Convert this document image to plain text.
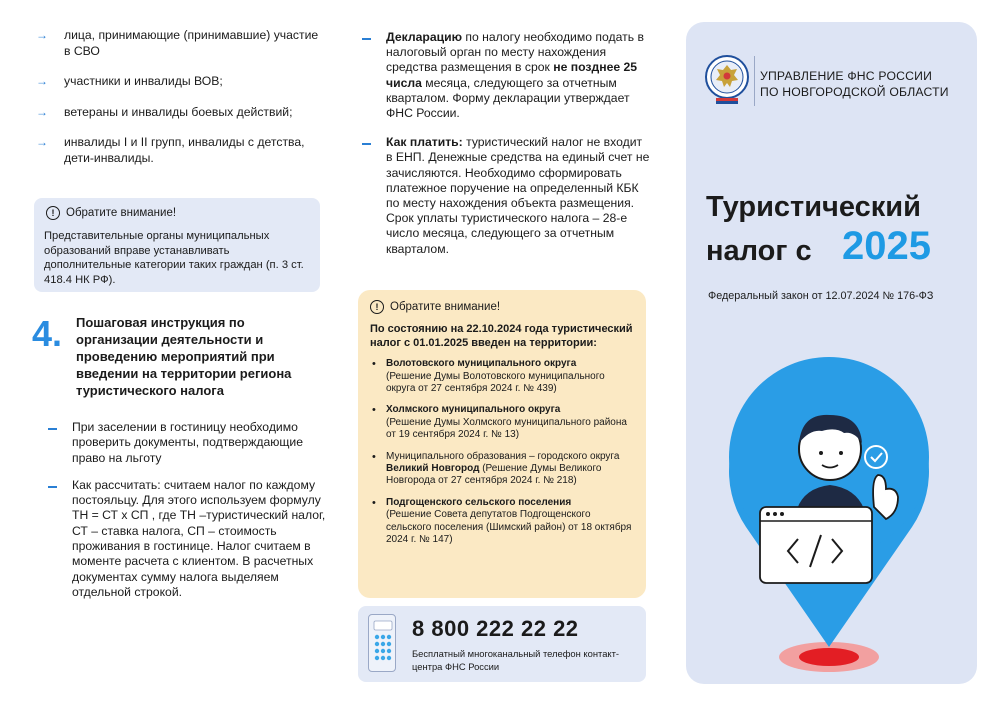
→ лица, принимающие (принимавшие) участие в СВО
→ участники и инвалиды ВОВ;
→ ветераны и инвалиды боевых действий;
→ инвалиды I и II групп, инвалиды с детства, дети-инвалиды.
!	Обратите внимание!
Представительные органы муниципальных образований вправе устанавливать дополнительные категории таких граждан (п. 3 ст. 418.4 НК РФ).
4. Пошаговая инструкция по организации деятельности и проведению мероприятий при введении на территории региона туристического налога
При заселении в гостиницу необходимо проверить документы, подтверждающие право на льготу
Как рассчитать: считаем налог по каждому постояльцу. Для этого используем формулу ТН = СТ х СП , где ТН –туристический налог, СТ – ставка налога, СП – стоимость проживания в гостинице. Налог считаем в моменте расчета с клиентом. В расчетных документах сумму налога выделяем отдельной строкой.
Декларацию по налогу необходимо подать в налоговый орган по месту нахождения средства размещения в срок не позднее 25 числа месяца, следующего за отчетным кварталом. Форму декларации утверждает ФНС России.
Как платить: туристический налог не входит в ЕНП. Денежные средства на единый счет не зачисляются. Необходимо сформировать платежное поручение на определенный КБК по месту нахождения объекта размещения. Срок уплаты туристического налога – 28-е число месяца, следующего за отчетным кварталом.
!	Обратите внимание!
По состоянию на 22.10.2024 года туристический налог с 01.01.2025 введен на территории:
• Волотовского муниципального округа
(Решение Думы Волотовского муниципального округа от 27 сентября 2024 г. № 439)
• Холмского муниципального округа
(Решение Думы Холмского муниципального района от 19 сентября 2024 г. № 13)
• Муниципального образования – городского округа Великий Новгород (Решение Думы Великого Новгорода от 27 сентября 2024 г. № 218)
• Подгощенского сельского поселения
(Решение Совета депутатов Подгощенского сельского поселения (Шимский район) от 18 октября 2024 г. № 147)
8 800 222 22 22
Бесплатный многоканальный телефон контакт-центра ФНС России
УПРАВЛЕНИЕ ФНС РОССИИ
ПО НОВГОРОДСКОЙ ОБЛАСТИ
Туристический
налог с 2025
Федеральный закон от 12.07.2024 № 176-ФЗ
